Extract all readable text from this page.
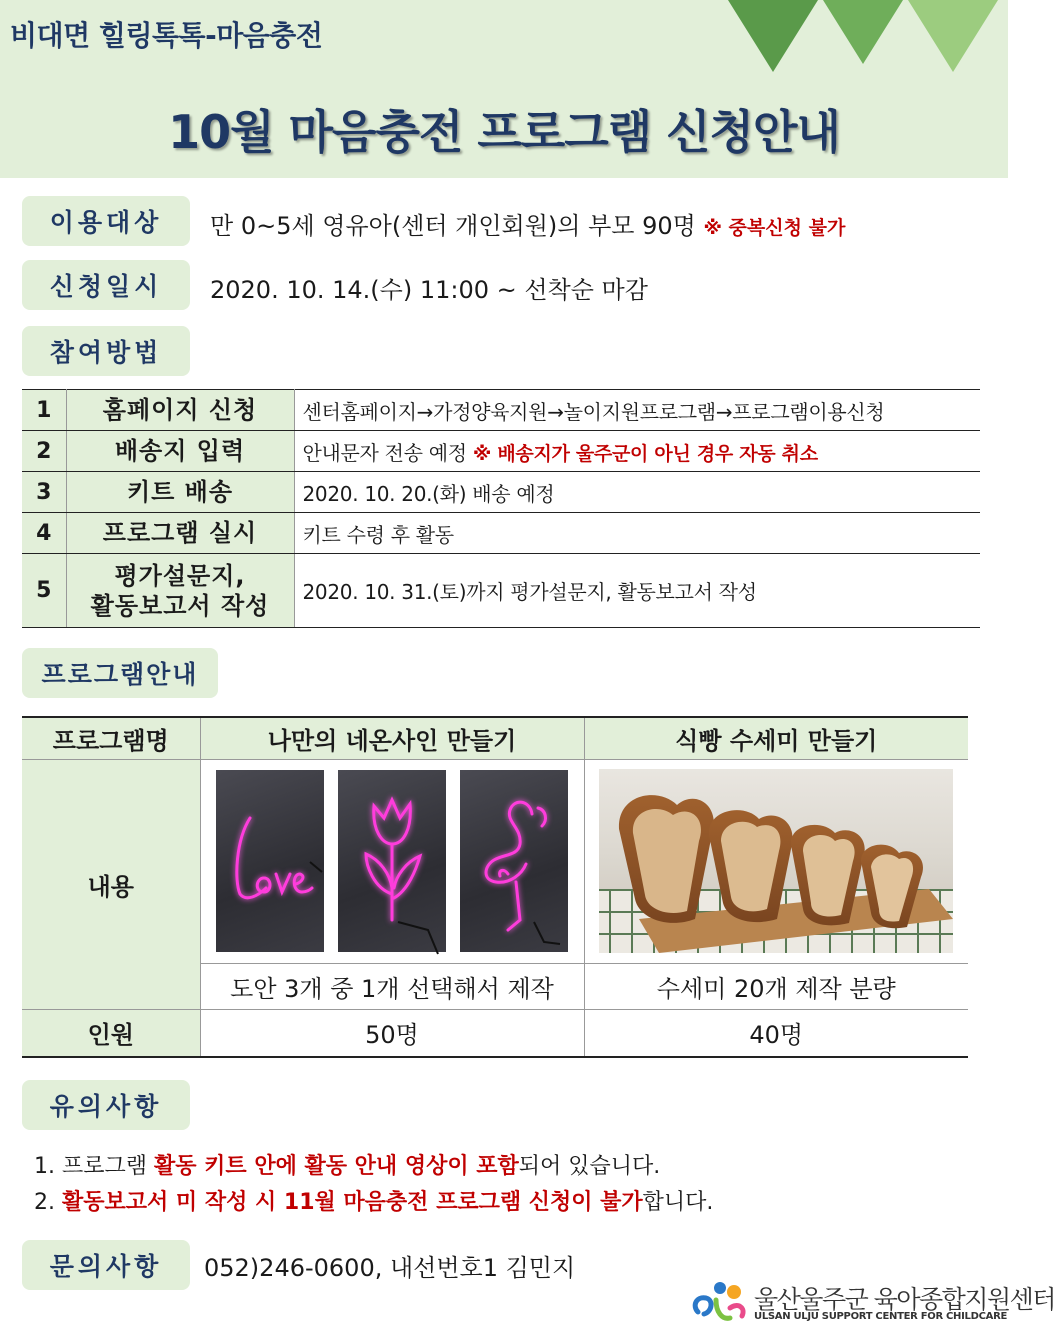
비대면 힐링톡톡-마음충전
10월 마음충전 프로그램 신청안내
이용대상	만 0~5세 영유아(센터 개인회원)의 부모 90명 ※ 중복신청 불가
신청일시	2020. 10. 14.(수) 11:00 ~ 선착순 마감
참여방법
1	홈페이지 신청	센터홈페이지→가정양육지원→놀이지원프로그램→프로그램이용신청
2	배송지 입력	안내문자 전송 예정 ※ 배송지가 울주군이 아닌 경우 자동 취소
3	키트 배송	2020. 10. 20.(화) 배송 예정
4	프로그램 실시	키트 수령 후 활동
5	평가설문지,
활동보고서 작성	2020. 10. 31.(토)까지 평가설문지, 활동보고서 작성
프로그램안내
프로그램명	나만의 네온사인 만들기	식빵 수세미 만들기
내용	

	도안 3개 중 1개 선택해서 제작	수세미 20개 제작 분량
인원	50명	40명
유의사항
1. 프로그램 활동 키트 안에 활동 안내 영상이 포함되어 있습니다.
2. 활동보고서 미 작성 시 11월 마음충전 프로그램 신청이 불가합니다.
문의사항	052)246-0600, 내선번호1 김민지
울산울주군 육아종합지원센터
ULSAN ULJU SUPPORT CENTER FOR CHILDCARE
